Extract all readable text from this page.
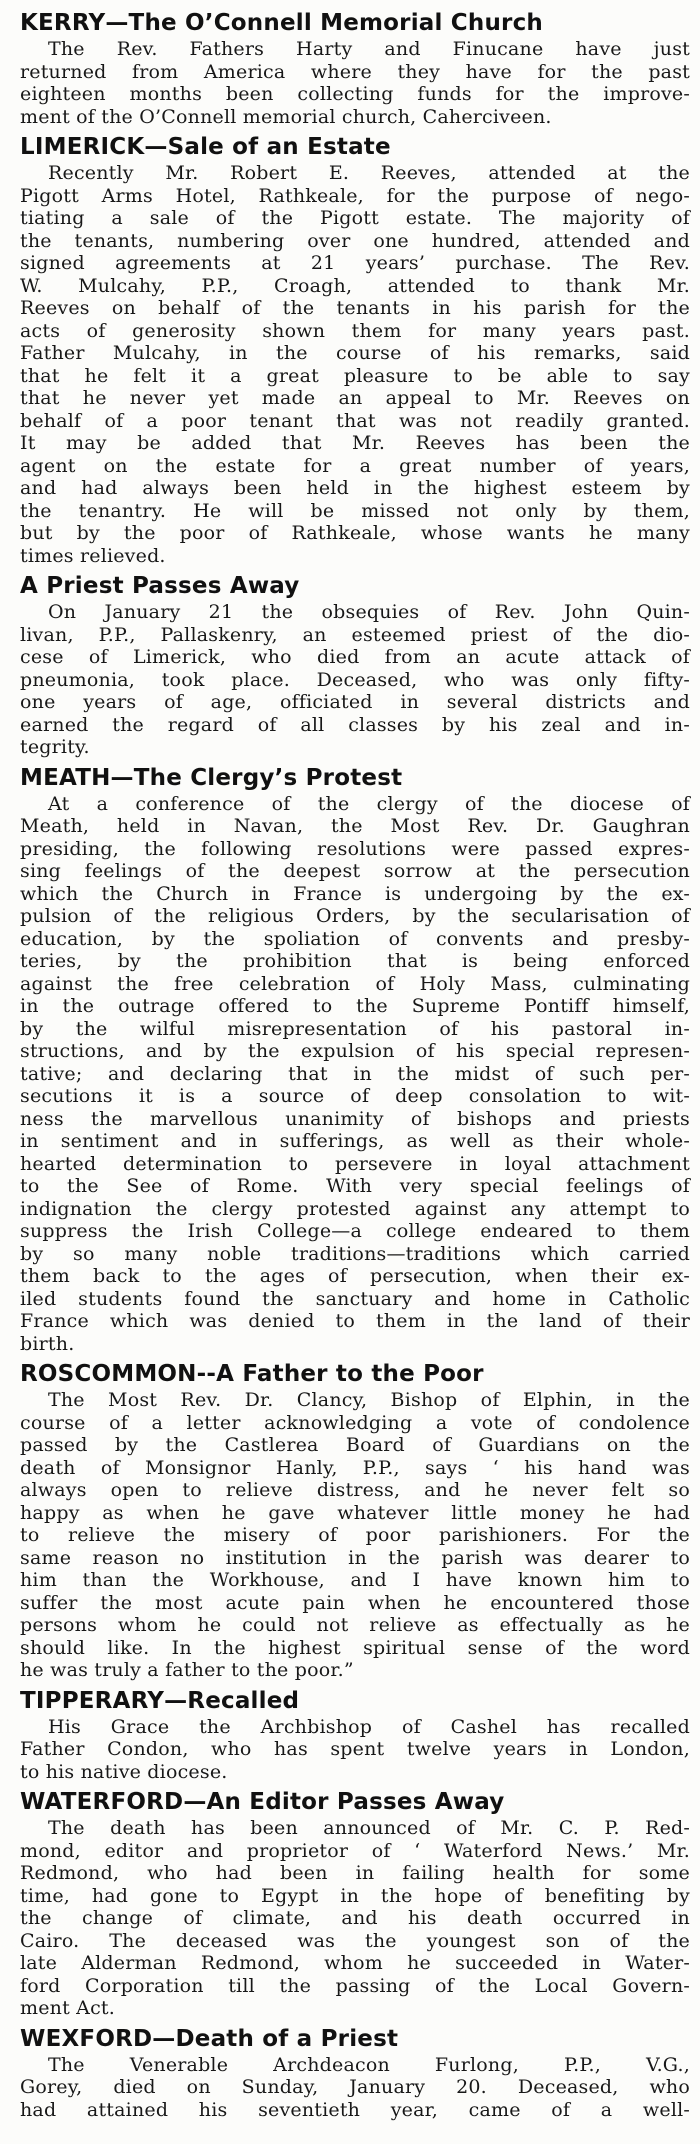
KERRY—The O’Connell Memorial Church
The Rev. Fathers Harty and Finucane have just
returned from America where they have for the past
eighteen months been collecting funds for the improve-
ment of the O’Connell memorial church, Caherciveen.
LIMERICK—Sale of an Estate
Recently Mr. Robert E. Reeves, attended at the
Pigott Arms Hotel, Rathkeale, for the purpose of nego-
tiating a sale of the Pigott estate. The majority of
the tenants, numbering over one hundred, attended and
signed agreements at 21 years’ purchase. The Rev.
W. Mulcahy, P.P., Croagh, attended to thank Mr.
Reeves on behalf of the tenants in his parish for the
acts of generosity shown them for many years past.
Father Mulcahy, in the course of his remarks, said
that he felt it a great pleasure to be able to say
that he never yet made an appeal to Mr. Reeves on
behalf of a poor tenant that was not readily granted.
It may be added that Mr. Reeves has been the
agent on the estate for a great number of years,
and had always been held in the highest esteem by
the tenantry. He will be missed not only by them,
but by the poor of Rathkeale, whose wants he many
times relieved.
A Priest Passes Away
On January 21 the obsequies of Rev. John Quin-
livan, P.P., Pallaskenry, an esteemed priest of the dio-
cese of Limerick, who died from an acute attack of
pneumonia, took place. Deceased, who was only fifty-
one years of age, officiated in several districts and
earned the regard of all classes by his zeal and in-
tegrity.
MEATH—The Clergy’s Protest
At a conference of the clergy of the diocese of
Meath, held in Navan, the Most Rev. Dr. Gaughran
presiding, the following resolutions were passed expres-
sing feelings of the deepest sorrow at the persecution
which the Church in France is undergoing by the ex-
pulsion of the religious Orders, by the secularisation of
education, by the spoliation of convents and presby-
teries, by the prohibition that is being enforced
against the free celebration of Holy Mass, culminating
in the outrage offered to the Supreme Pontiff himself,
by the wilful misrepresentation of his pastoral in-
structions, and by the expulsion of his special represen-
tative; and declaring that in the midst of such per-
secutions it is a source of deep consolation to wit-
ness the marvellous unanimity of bishops and priests
in sentiment and in sufferings, as well as their whole-
hearted determination to persevere in loyal attachment
to the See of Rome. With very special feelings of
indignation the clergy protested against any attempt to
suppress the Irish College—a college endeared to them
by so many noble traditions—traditions which carried
them back to the ages of persecution, when their ex-
iled students found the sanctuary and home in Catholic
France which was denied to them in the land of their
birth.
ROSCOMMON--A Father to the Poor
The Most Rev. Dr. Clancy, Bishop of Elphin, in the
course of a letter acknowledging a vote of condolence
passed by the Castlerea Board of Guardians on the
death of Monsignor Hanly, P.P., says ‘ his hand was
always open to relieve distress, and he never felt so
happy as when he gave whatever little money he had
to relieve the misery of poor parishioners. For the
same reason no institution in the parish was dearer to
him than the Workhouse, and I have known him to
suffer the most acute pain when he encountered those
persons whom he could not relieve as effectually as he
should like. In the highest spiritual sense of the word
he was truly a father to the poor.”
TIPPERARY—Recalled
His Grace the Archbishop of Cashel has recalled
Father Condon, who has spent twelve years in London,
to his native diocese.
WATERFORD—An Editor Passes Away
The death has been announced of Mr. C. P. Red-
mond, editor and proprietor of ‘ Waterford News.’ Mr.
Redmond, who had been in failing health for some
time, had gone to Egypt in the hope of benefiting by
the change of climate, and his death occurred in
Cairo. The deceased was the youngest son of the
late Alderman Redmond, whom he succeeded in Water-
ford Corporation till the passing of the Local Govern-
ment Act.
WEXFORD—Death of a Priest
The Venerable Archdeacon Furlong, P.P., V.G.,
Gorey, died on Sunday, January 20. Deceased, who
had attained his seventieth year, came of a well-
